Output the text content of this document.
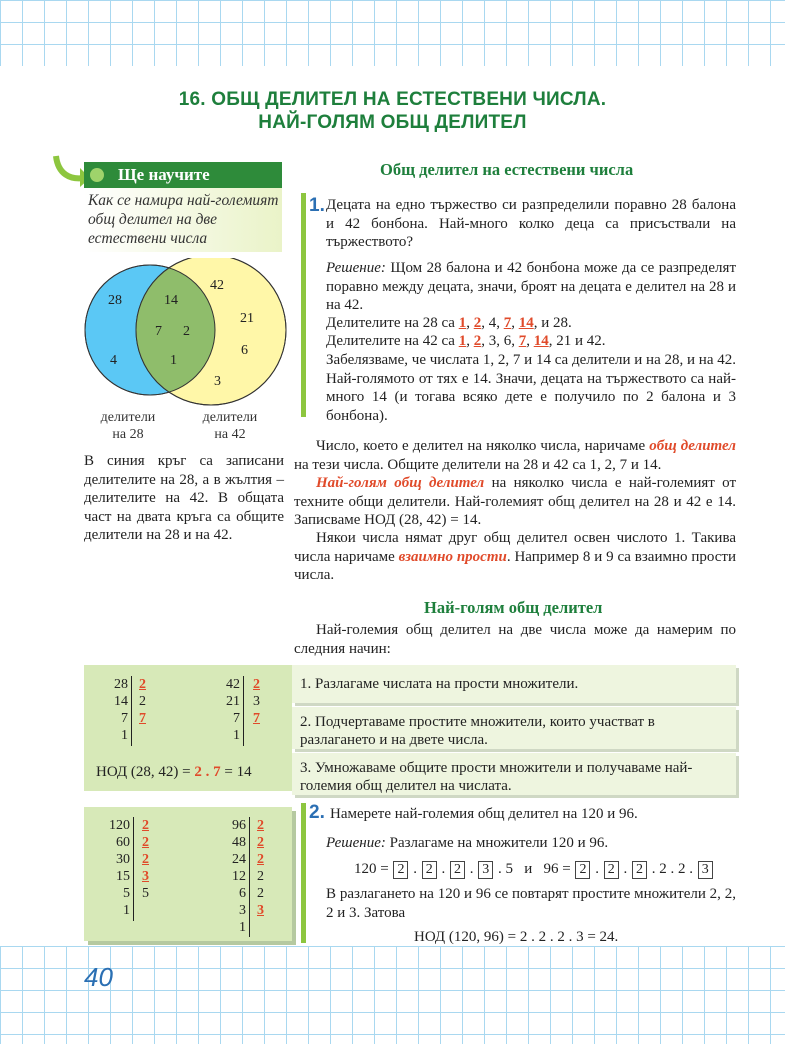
16. ОБЩ ДЕЛИТЕЛ НА ЕСТЕСТВЕНИ ЧИСЛА.
НАЙ-ГОЛЯМ ОБЩ ДЕЛИТЕЛ
Ще научите
Как се намира най-големият общ делител на две естествени числа
28
4
14
7 2
1
42
21
6
3
делители
на 28
делители
на 42
В синия кръг са записани делителите на 28, а в жълтия – делителите на 42. В общата част на двата кръга са общите делители на 28 и на 42.
Общ делител на естествени числа
1. Децата на едно тържество си разпределили поравно 28 балона и 42 бонбона. Най-много колко деца са присъствали на тържеството?
Решение: Щом 28 балона и 42 бонбона може да се разпределят поравно между децата, значи, броят на децата е делител на 28 и на 42.
Делителите на 28 са 1, 2, 4, 7, 14, и 28.
Делителите на 42 са 1, 2, 3, 6, 7, 14, 21 и 42.
Забелязваме, че числата 1, 2, 7 и 14 са делители и на 28, и на 42. Най-голямото от тях е 14. Значи, децата на тържеството са най-много 14 (и тогава всяко дете е получило по 2 балона и 3 бонбона).
Число, което е делител на няколко числа, наричаме общ делител на тези числа. Общите делители на 28 и 42 са 1, 2, 7 и 14.
Най-голям общ делител на няколко числа е най-големият от техните общи делители. Най-големият общ делител на 28 и 42 е 14. Записваме НОД (28, 42) = 14.
Някои числа нямат друг общ делител освен числото 1. Такива числа наричаме взаимно прости. Например 8 и 9 са взаимно прости числа.
Най-голям общ делител
Най-големия общ делител на две числа може да намерим по следния начин:
28
14
7
1
2
2
7
42
21
7
1
2
3
7
НОД (28, 42) = 2 . 7 = 14
1. Разлагаме числата на прости множители.
2. Подчертаваме простите множители, които участват в разлагането и на двете числа.
3. Умножаваме общите прости множители и получаваме най-големия общ делител на числата.
120
60
30
15
5
1
2
2
2
3
5
96
48
24
12
6
3
1
2
2
2
2
2
3
2. Намерете най-големия общ делител на 120 и 96.
Решение: Разлагаме на множители 120 и 96.
120 = 2 . 2 . 2 . 3 . 5 и 96 = 2 . 2 . 2 . 2 . 2 . 3
В разлагането на 120 и 96 се повтарят простите множители 2, 2, 2 и 3. Затова
НОД (120, 96) = 2 . 2 . 2 . 3 = 24.
40
